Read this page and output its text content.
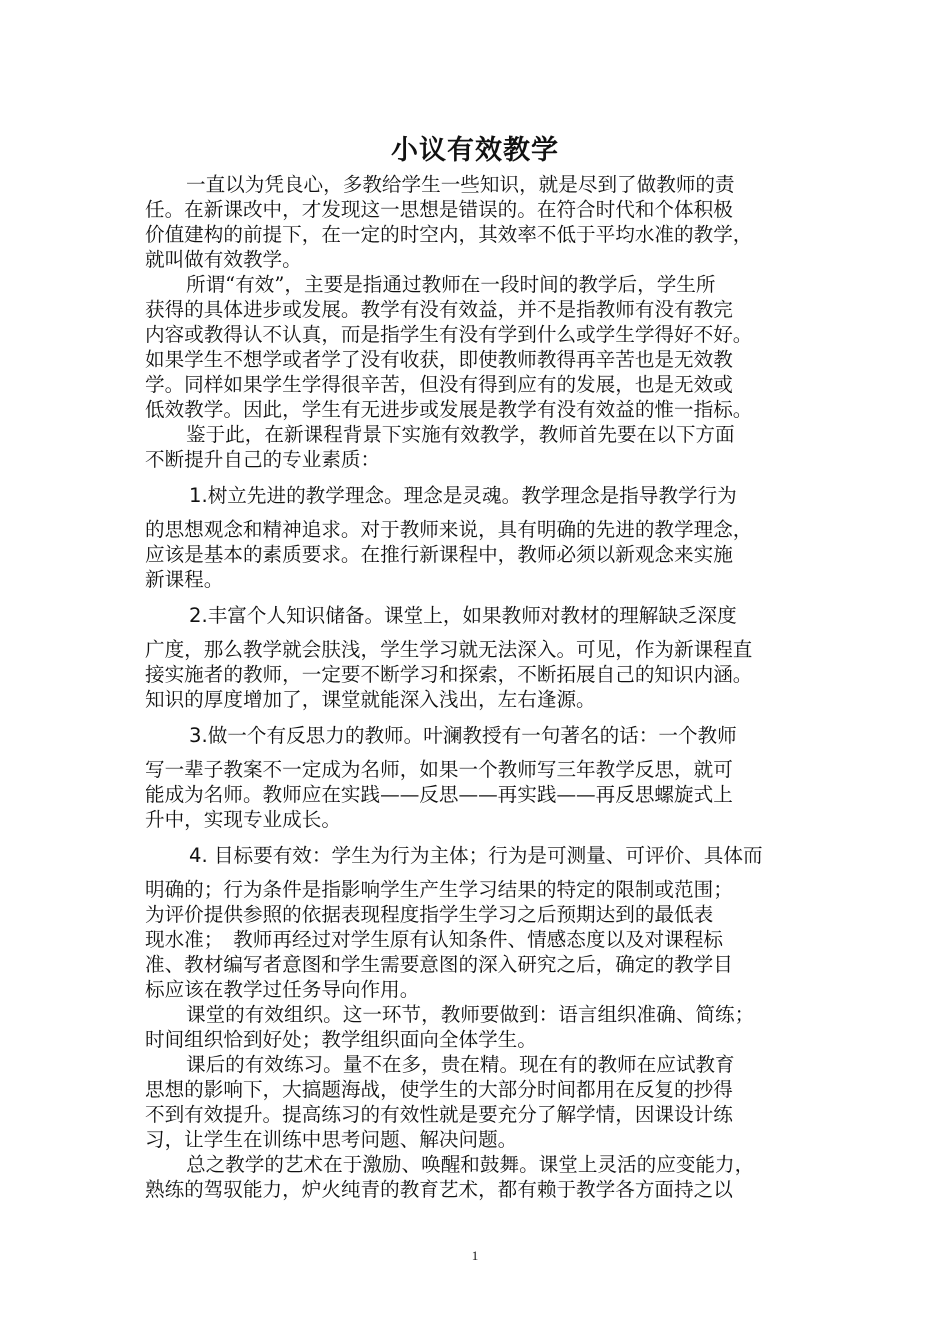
小议有效教学
一直以为凭良心，多教给学生一些知识，就是尽到了做教师的责
任。在新课改中，才发现这一思想是错误的。在符合时代和个体积极
价值建构的前提下，在一定的时空内，其效率不低于平均水准的教学，
就叫做有效教学。
所谓“有效”，主要是指通过教师在一段时间的教学后，学生所
获得的具体进步或发展。教学有没有效益，并不是指教师有没有教完
内容或教得认不认真，而是指学生有没有学到什么或学生学得好不好。
如果学生不想学或者学了没有收获，即使教师教得再辛苦也是无效教
学。同样如果学生学得很辛苦，但没有得到应有的发展，也是无效或
低效教学。因此，学生有无进步或发展是教学有没有效益的惟一指标。
鉴于此，在新课程背景下实施有效教学，教师首先要在以下方面
不断提升自己的专业素质：
1.树立先进的教学理念。理念是灵魂。教学理念是指导教学行为
的思想观念和精神追求。对于教师来说，具有明确的先进的教学理念，
应该是基本的素质要求。在推行新课程中，教师必须以新观念来实施
新课程。
2.丰富个人知识储备。课堂上，如果教师对教材的理解缺乏深度
广度，那么教学就会肤浅，学生学习就无法深入。可见，作为新课程直
接实施者的教师，一定要不断学习和探索，不断拓展自己的知识内涵。
知识的厚度增加了，课堂就能深入浅出，左右逢源。
3.做一个有反思力的教师。叶澜教授有一句著名的话：一个教师
写一辈子教案不一定成为名师，如果一个教师写三年教学反思，就可
能成为名师。教师应在实践——反思——再实践——再反思螺旋式上
升中，实现专业成长。
4. 目标要有效：学生为行为主体；行为是可测量、可评价、具体而
明确的；行为条件是指影响学生产生学习结果的特定的限制或范围；
为评价提供参照的依据表现程度指学生学习之后预期达到的最低表
现水准；　教师再经过对学生原有认知条件、情感态度以及对课程标
准、教材编写者意图和学生需要意图的深入研究之后，确定的教学目
标应该在教学过任务导向作用。
课堂的有效组织。这一环节，教师要做到：语言组织准确、简练；
时间组织恰到好处；教学组织面向全体学生。
课后的有效练习。量不在多，贵在精。现在有的教师在应试教育
思想的影响下，大搞题海战，使学生的大部分时间都用在反复的抄得
不到有效提升。提高练习的有效性就是要充分了解学情，因课设计练
习，让学生在训练中思考问题、解决问题。
总之教学的艺术在于激励、唤醒和鼓舞。课堂上灵活的应变能力，
熟练的驾驭能力，炉火纯青的教育艺术，都有赖于教学各方面持之以
1
